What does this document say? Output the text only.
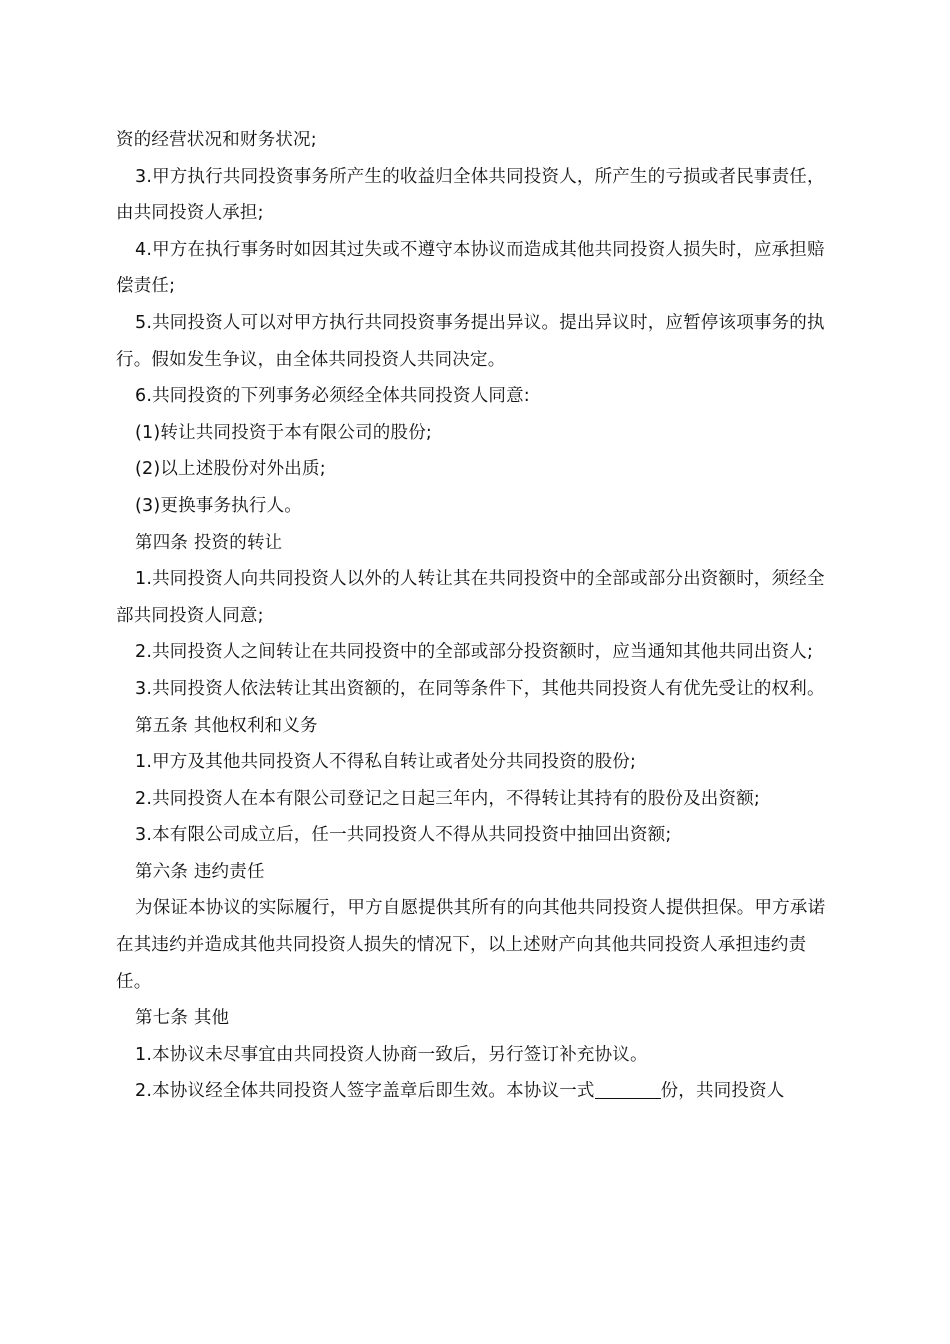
资的经营状况和财务状况;

3.甲方执行共同投资事务所产生的收益归全体共同投资人，所产生的亏损或者民事责任，由共同投资人承担;

4.甲方在执行事务时如因其过失或不遵守本协议而造成其他共同投资人损失时，应承担赔偿责任;

5.共同投资人可以对甲方执行共同投资事务提出异议。提出异议时，应暂停该项事务的执行。假如发生争议，由全体共同投资人共同决定。

6.共同投资的下列事务必须经全体共同投资人同意:

(1)转让共同投资于本有限公司的股份;

(2)以上述股份对外出质;

(3)更换事务执行人。

第四条 投资的转让

1.共同投资人向共同投资人以外的人转让其在共同投资中的全部或部分出资额时，须经全部共同投资人同意;

2.共同投资人之间转让在共同投资中的全部或部分投资额时，应当通知其他共同出资人;

3.共同投资人依法转让其出资额的，在同等条件下，其他共同投资人有优先受让的权利。

第五条 其他权利和义务

1.甲方及其他共同投资人不得私自转让或者处分共同投资的股份;

2.共同投资人在本有限公司登记之日起三年内，不得转让其持有的股份及出资额;

3.本有限公司成立后，任一共同投资人不得从共同投资中抽回出资额;

第六条 违约责任

为保证本协议的实际履行，甲方自愿提供其所有的向其他共同投资人提供担保。甲方承诺在其违约并造成其他共同投资人损失的情况下，以上述财产向其他共同投资人承担违约责任。

第七条 其他

1.本协议未尽事宜由共同投资人协商一致后，另行签订补充协议。

2.本协议经全体共同投资人签字盖章后即生效。本协议一式	份，共同投资人
